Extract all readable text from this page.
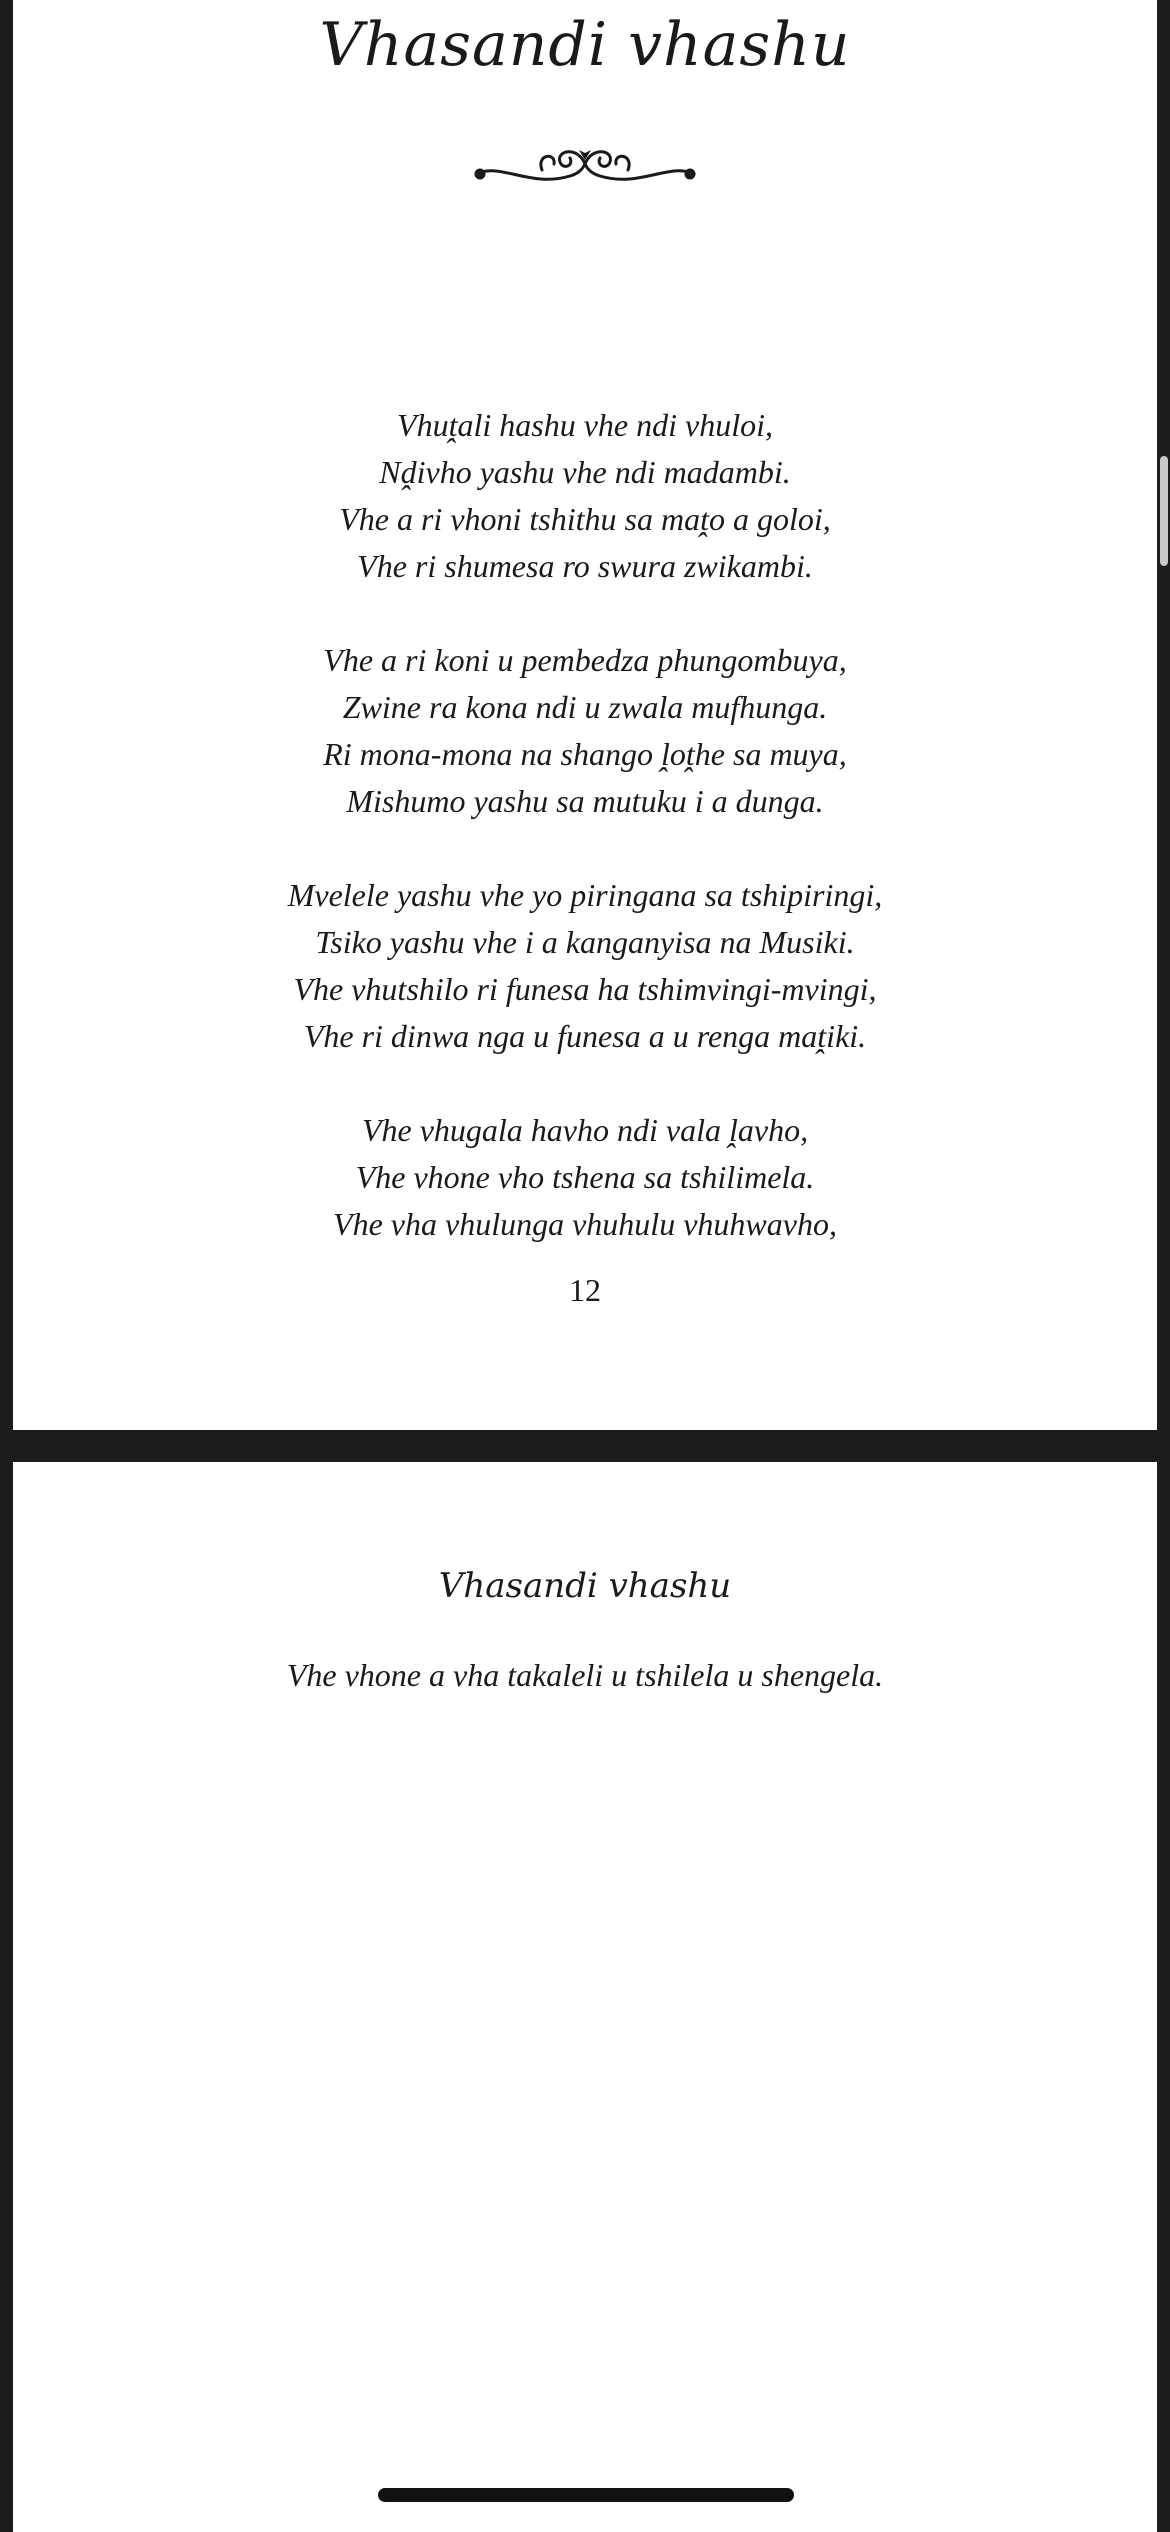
Vhasandi vhashu
Vhuṱali hashu vhe ndi vhuloi,
Nḓivho yashu vhe ndi madambi.
Vhe a ri vhoni tshithu sa maṱo a goloi,
Vhe ri shumesa ro swura zwikambi.
Vhe a ri koni u pembedza phungombuya,
Zwine ra kona ndi u zwala mufhunga.
Ri mona-mona na shango ḽoṱhe sa muya,
Mishumo yashu sa mutuku i a dunga.
Mvelele yashu vhe yo piringana sa tshipiringi,
Tsiko yashu vhe i a kanganyisa na Musiki.
Vhe vhutshilo ri funesa ha tshimvingi-mvingi,
Vhe ri dinwa nga u funesa a u renga maṱiki.
Vhe vhugala havho ndi vala ḽavho,
Vhe vhone vho tshena sa tshilimela.
Vhe vha vhulunga vhuhulu vhuhwavho,
12
Vhasandi vhashu
Vhe vhone a vha takaleli u tshilela u shengela.
